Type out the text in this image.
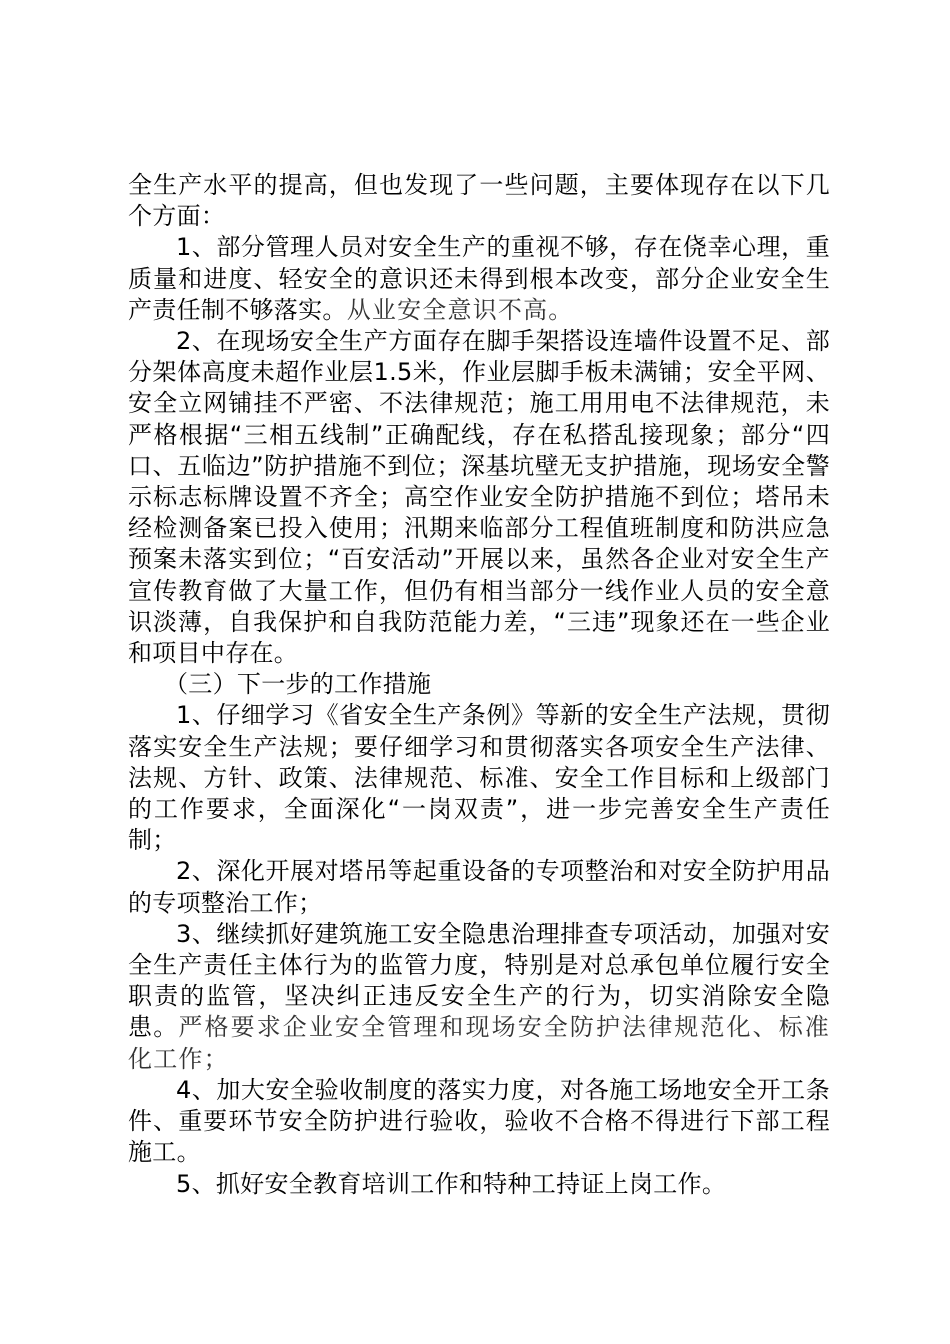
全生产水平的提高，但也发现了一些问题，主要体现存在以下几个方面：

1、部分管理人员对安全生产的重视不够，存在侥幸心理，重质量和进度、轻安全的意识还未得到根本改变，部分企业安全生产责任制不够落实。从业安全意识不高。

2、在现场安全生产方面存在脚手架搭设连墙件设置不足、部分架体高度未超作业层1.5米，作业层脚手板未满铺；安全平网、安全立网铺挂不严密、不法律规范；施工用用电不法律规范，未严格根据“三相五线制”正确配线，存在私搭乱接现象；部分“四口、五临边”防护措施不到位；深基坑壁无支护措施，现场安全警示标志标牌设置不齐全；高空作业安全防护措施不到位；塔吊未经检测备案已投入使用；汛期来临部分工程值班制度和防洪应急预案未落实到位；“百安活动”开展以来，虽然各企业对安全生产宣传教育做了大量工作，但仍有相当部分一线作业人员的安全意识淡薄，自我保护和自我防范能力差，“三违”现象还在一些企业和项目中存在。

（三）下一步的工作措施

1、仔细学习《省安全生产条例》等新的安全生产法规，贯彻落实安全生产法规；要仔细学习和贯彻落实各项安全生产法律、法规、方针、政策、法律规范、标准、安全工作目标和上级部门的工作要求，全面深化“一岗双责”，进一步完善安全生产责任制；

2、深化开展对塔吊等起重设备的专项整治和对安全防护用品的专项整治工作；

3、继续抓好建筑施工安全隐患治理排查专项活动，加强对安全生产责任主体行为的监管力度，特别是对总承包单位履行安全职责的监管，坚决纠正违反安全生产的行为，切实消除安全隐患。严格要求企业安全管理和现场安全防护法律规范化、标准化工作；

4、加大安全验收制度的落实力度，对各施工场地安全开工条件、重要环节安全防护进行验收，验收不合格不得进行下部工程施工。

5、抓好安全教育培训工作和特种工持证上岗工作。
